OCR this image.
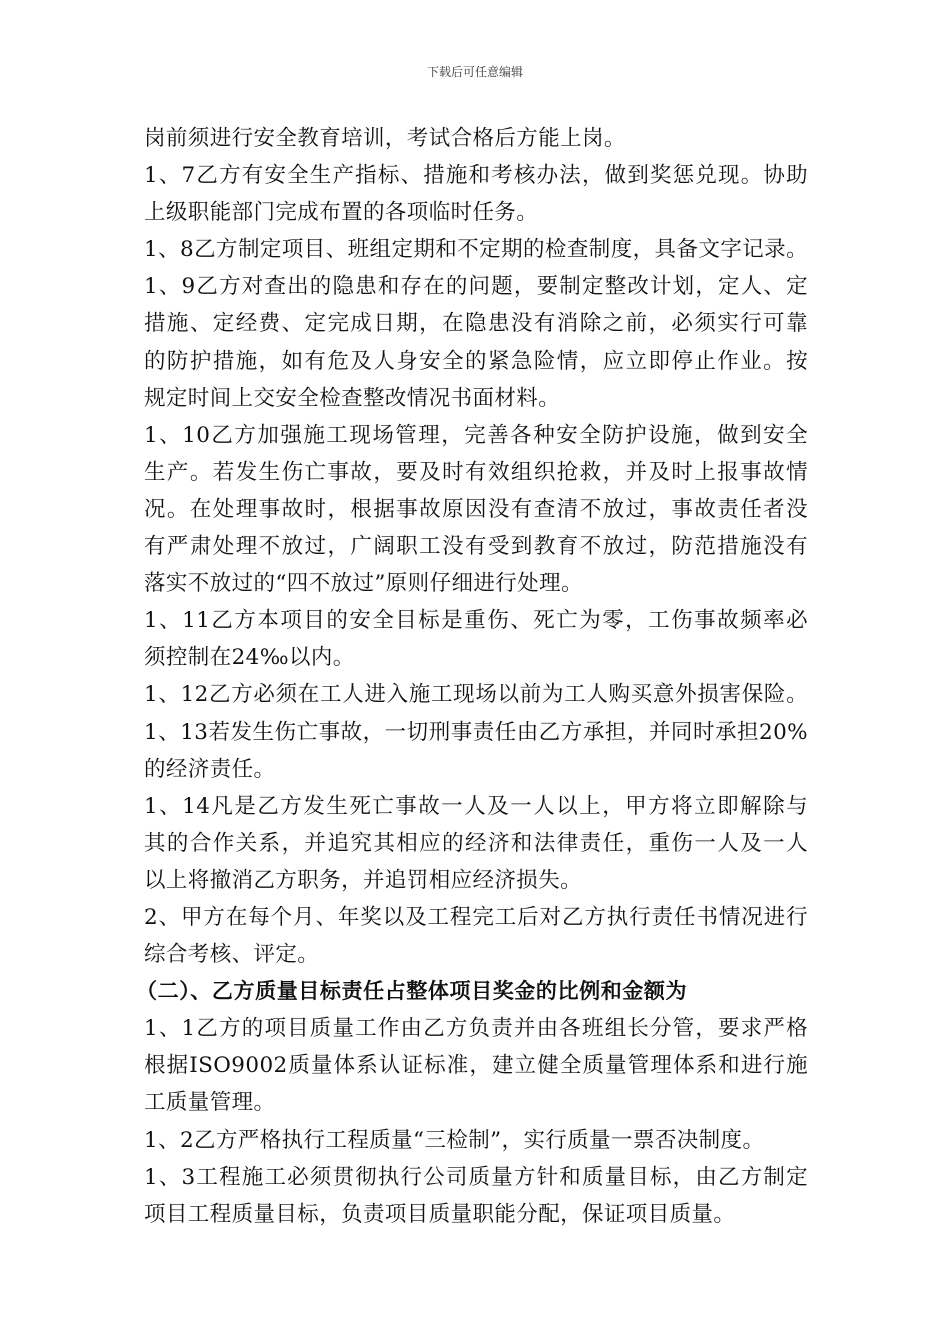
下载后可任意编辑
岗前须进行安全教育培训，考试合格后方能上岗。
1、7乙方有安全生产指标、措施和考核办法，做到奖惩兑现。协助
上级职能部门完成布置的各项临时任务。
1、8乙方制定项目、班组定期和不定期的检查制度，具备文字记录。
1、9乙方对查出的隐患和存在的问题，要制定整改计划，定人、定
措施、定经费、定完成日期，在隐患没有消除之前，必须实行可靠
的防护措施，如有危及人身安全的紧急险情，应立即停止作业。按
规定时间上交安全检查整改情况书面材料。
1、10乙方加强施工现场管理，完善各种安全防护设施，做到安全
生产。若发生伤亡事故，要及时有效组织抢救，并及时上报事故情
况。在处理事故时，根据事故原因没有查清不放过，事故责任者没
有严肃处理不放过，广阔职工没有受到教育不放过，防范措施没有
落实不放过的“四不放过”原则仔细进行处理。
1、11乙方本项目的安全目标是重伤、死亡为零，工伤事故频率必
须控制在24‰以内。
1、12乙方必须在工人进入施工现场以前为工人购买意外损害保险。
1、13若发生伤亡事故，一切刑事责任由乙方承担，并同时承担20%
的经济责任。
1、14凡是乙方发生死亡事故一人及一人以上，甲方将立即解除与
其的合作关系，并追究其相应的经济和法律责任，重伤一人及一人
以上将撤消乙方职务，并追罚相应经济损失。
2、甲方在每个月、年奖以及工程完工后对乙方执行责任书情况进行
综合考核、评定。
（二）、乙方质量目标责任占整体项目奖金的比例和金额为
1、1乙方的项目质量工作由乙方负责并由各班组长分管，要求严格
根据ISO9002质量体系认证标准，建立健全质量管理体系和进行施
工质量管理。
1、2乙方严格执行工程质量“三检制”，实行质量一票否决制度。
1、3工程施工必须贯彻执行公司质量方针和质量目标，由乙方制定
项目工程质量目标，负责项目质量职能分配，保证项目质量。
